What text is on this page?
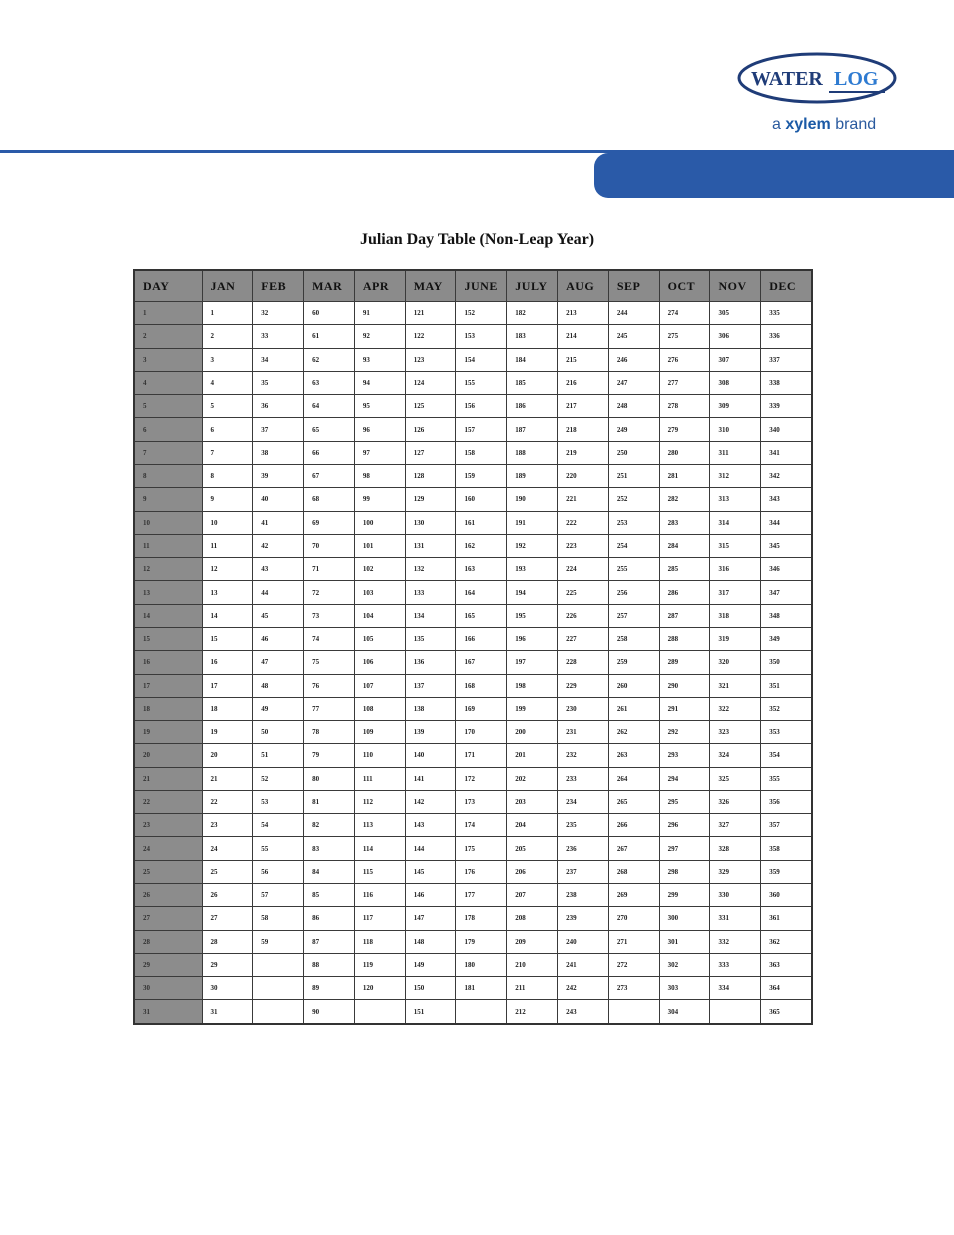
WATER LOG
a xylem brand
Julian Day Table (Non-Leap Year)
DAY	JAN	FEB	MAR	APR	MAY	JUNE	JULY	AUG	SEP	OCT	NOV	DEC
1	1	32	60	91	121	152	182	213	244	274	305	335
2	2	33	61	92	122	153	183	214	245	275	306	336
3	3	34	62	93	123	154	184	215	246	276	307	337
4	4	35	63	94	124	155	185	216	247	277	308	338
5	5	36	64	95	125	156	186	217	248	278	309	339
6	6	37	65	96	126	157	187	218	249	279	310	340
7	7	38	66	97	127	158	188	219	250	280	311	341
8	8	39	67	98	128	159	189	220	251	281	312	342
9	9	40	68	99	129	160	190	221	252	282	313	343
10	10	41	69	100	130	161	191	222	253	283	314	344
11	11	42	70	101	131	162	192	223	254	284	315	345
12	12	43	71	102	132	163	193	224	255	285	316	346
13	13	44	72	103	133	164	194	225	256	286	317	347
14	14	45	73	104	134	165	195	226	257	287	318	348
15	15	46	74	105	135	166	196	227	258	288	319	349
16	16	47	75	106	136	167	197	228	259	289	320	350
17	17	48	76	107	137	168	198	229	260	290	321	351
18	18	49	77	108	138	169	199	230	261	291	322	352
19	19	50	78	109	139	170	200	231	262	292	323	353
20	20	51	79	110	140	171	201	232	263	293	324	354
21	21	52	80	111	141	172	202	233	264	294	325	355
22	22	53	81	112	142	173	203	234	265	295	326	356
23	23	54	82	113	143	174	204	235	266	296	327	357
24	24	55	83	114	144	175	205	236	267	297	328	358
25	25	56	84	115	145	176	206	237	268	298	329	359
26	26	57	85	116	146	177	207	238	269	299	330	360
27	27	58	86	117	147	178	208	239	270	300	331	361
28	28	59	87	118	148	179	209	240	271	301	332	362
29	29		88	119	149	180	210	241	272	302	333	363
30	30		89	120	150	181	211	242	273	303	334	364
31	31		90		151		212	243		304		365
